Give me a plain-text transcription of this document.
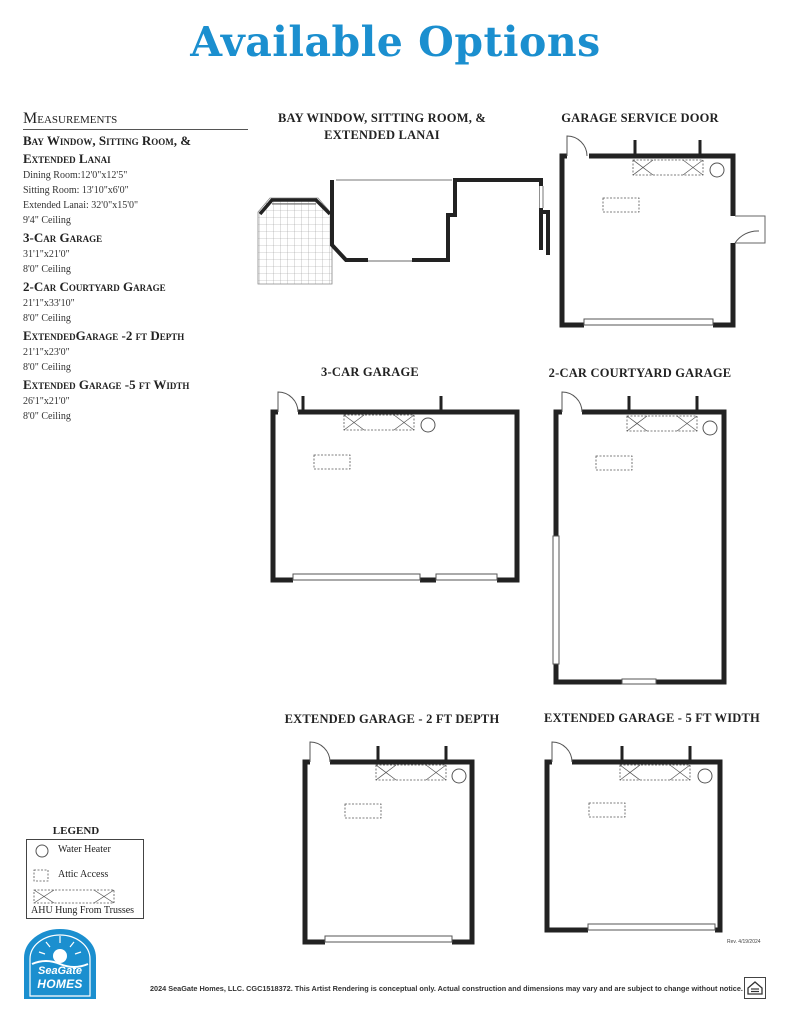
Available Options
Measurements
Bay Window, Sitting Room, &
Extended Lanai
Dining Room:12'0"x12'5"
Sitting Room: 13'10"x6'0"
Extended Lanai: 32'0"x15'0"
9'4" Ceiling
3-Car Garage
31'1"x21'0"
8'0" Ceiling
2-Car Courtyard Garage
21'1"x33'10"
8'0" Ceiling
ExtendedGarage -2 ft Depth
21'1"x23'0"
8'0" Ceiling
Extended Garage -5 ft Width
26'1"x21'0"
8'0" Ceiling
BAY WINDOW, SITTING ROOM, &
EXTENDED LANAI
GARAGE SERVICE DOOR
3-CAR GARAGE	2-CAR COURTYARD GARAGE
EXTENDED GARAGE - 2 FT DEPTH	EXTENDED GARAGE - 5 FT WIDTH
LEGEND
Water Heater
Attic Access
AHU Hung From Trusses
SeaGate
HOMES
Rev. 4/19/2024
2024 SeaGate Homes, LLC. CGC1518372. This Artist Rendering is conceptual only. Actual construction and dimensions may vary and are subject to change without notice.
